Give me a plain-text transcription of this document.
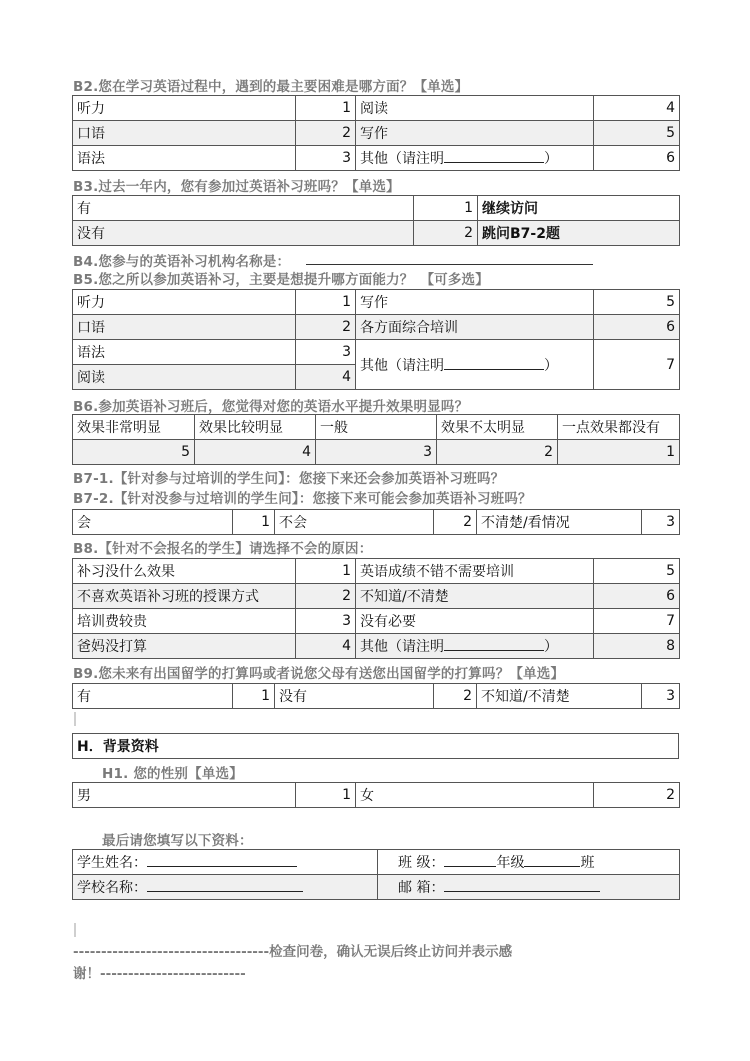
B2.您在学习英语过程中，遇到的最主要困难是哪方面？【单选】
听力	1	阅读	4
口语	2	写作	5
语法	3	其他（请注明 ）	6
B3.过去一年内，您有参加过英语补习班吗？【单选】
有	1	继续访问
没有	2	跳问B7-2题
B4.您参与的英语补习机构名称是：
B5.您之所以参加英语补习，主要是想提升哪方面能力？　【可多选】
听力	1	写作	5
口语	2	各方面综合培训	6
语法	3	其他（请注明 ）	7
阅读	4		
B6.参加英语补习班后，您觉得对您的英语水平提升效果明显吗？
效果非常明显	效果比较明显	一般	效果不太明显	一点效果都没有
5	4	3	2	1
B7-1.【针对参与过培训的学生问】：您接下来还会参加英语补习班吗？
B7-2.【针对没参与过培训的学生问】：您接下来可能会参加英语补习班吗？
会	1	不会	2	不清楚/看情况	3
B8.【针对不会报名的学生】请选择不会的原因：
补习没什么效果	1	英语成绩不错不需要培训	5
不喜欢英语补习班的授课方式	2	不知道/不清楚	6
培训费较贵	3	没有必要	7
爸妈没打算	4	其他（请注明 ）	8
B9.您未来有出国留学的打算吗或者说您父母有送您出国留学的打算吗？【单选】
有	1	没有	2	不知道/不清楚	3
H．背景资料
H1. 您的性别【单选】
男	1	女	2
最后请您填写以下资料：
学生姓名：	班 级： 年级 班
学校名称：	邮 箱：
-----------------------------------检查问卷，确认无误后终止访问并表示感
谢！--------------------------
